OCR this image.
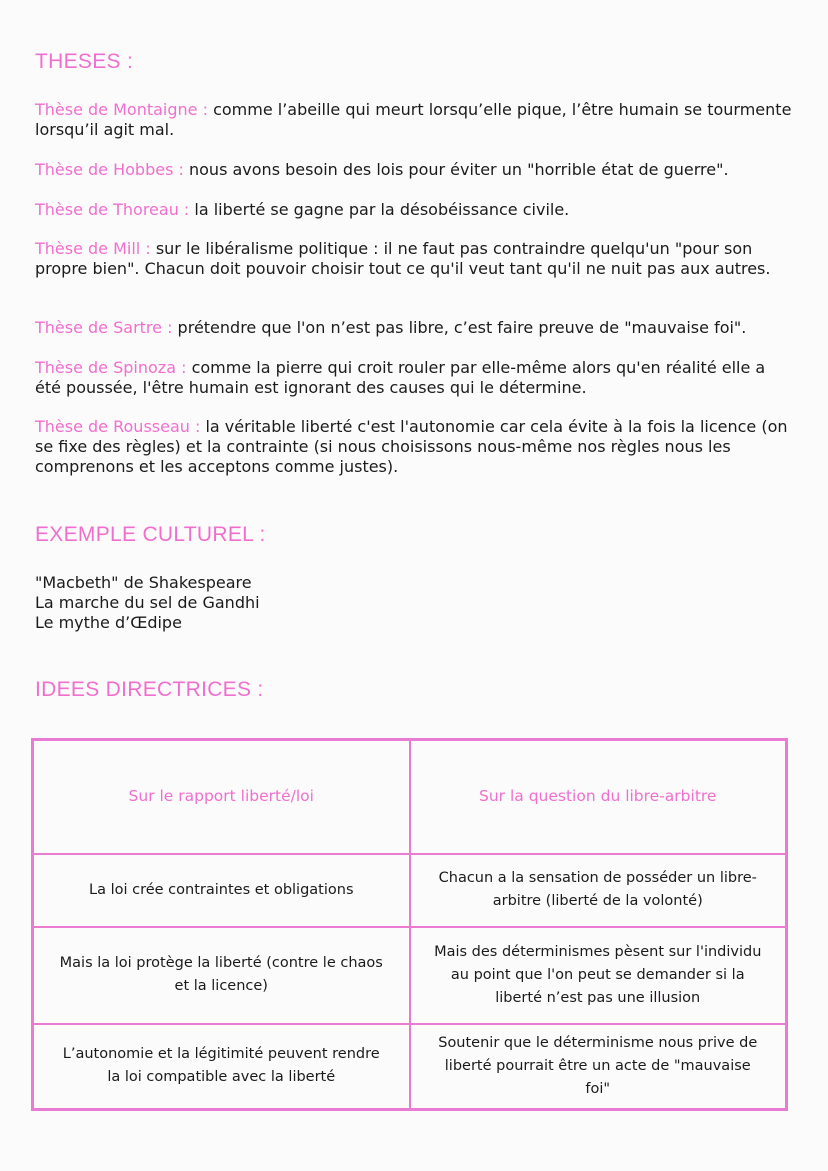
THESES :

Thèse de Montaigne : comme l’abeille qui meurt lorsqu’elle pique, l’être humain se tourmente lorsqu’il agit mal.

Thèse de Hobbes : nous avons besoin des lois pour éviter un "horrible état de guerre".

Thèse de Thoreau : la liberté se gagne par la désobéissance civile.

Thèse de Mill : sur le libéralisme politique : il ne faut pas contraindre quelqu'un "pour son propre bien". Chacun doit pouvoir choisir tout ce qu'il veut tant qu'il ne nuit pas aux autres.

Thèse de Sartre : prétendre que l'on n’est pas libre, c’est faire preuve de "mauvaise foi".

Thèse de Spinoza : comme la pierre qui croit rouler par elle-même alors qu'en réalité elle a été poussée, l'être humain est ignorant des causes qui le détermine.

Thèse de Rousseau : la véritable liberté c'est l'autonomie car cela évite à la fois la licence (on se fixe des règles) et la contrainte (si nous choisissons nous-même nos règles nous les comprenons et les acceptons comme justes).

EXEMPLE CULTUREL :
"Macbeth" de Shakespeare
La marche du sel de Gandhi
Le mythe d’Œdipe
IDEES DIRECTRICES :
Sur le rapport liberté/loi	Sur la question du libre-arbitre
La loi crée contraintes et obligations	Chacun a la sensation de posséder un libre-arbitre (liberté de la volonté)
Mais la loi protège la liberté (contre le chaos et la licence)	Mais des déterminismes pèsent sur l'individu au point que l'on peut se demander si la liberté n’est pas une illusion
L’autonomie et la légitimité peuvent rendre la loi compatible avec la liberté	Soutenir que le déterminisme nous prive de liberté pourrait être un acte de "mauvaise foi"
